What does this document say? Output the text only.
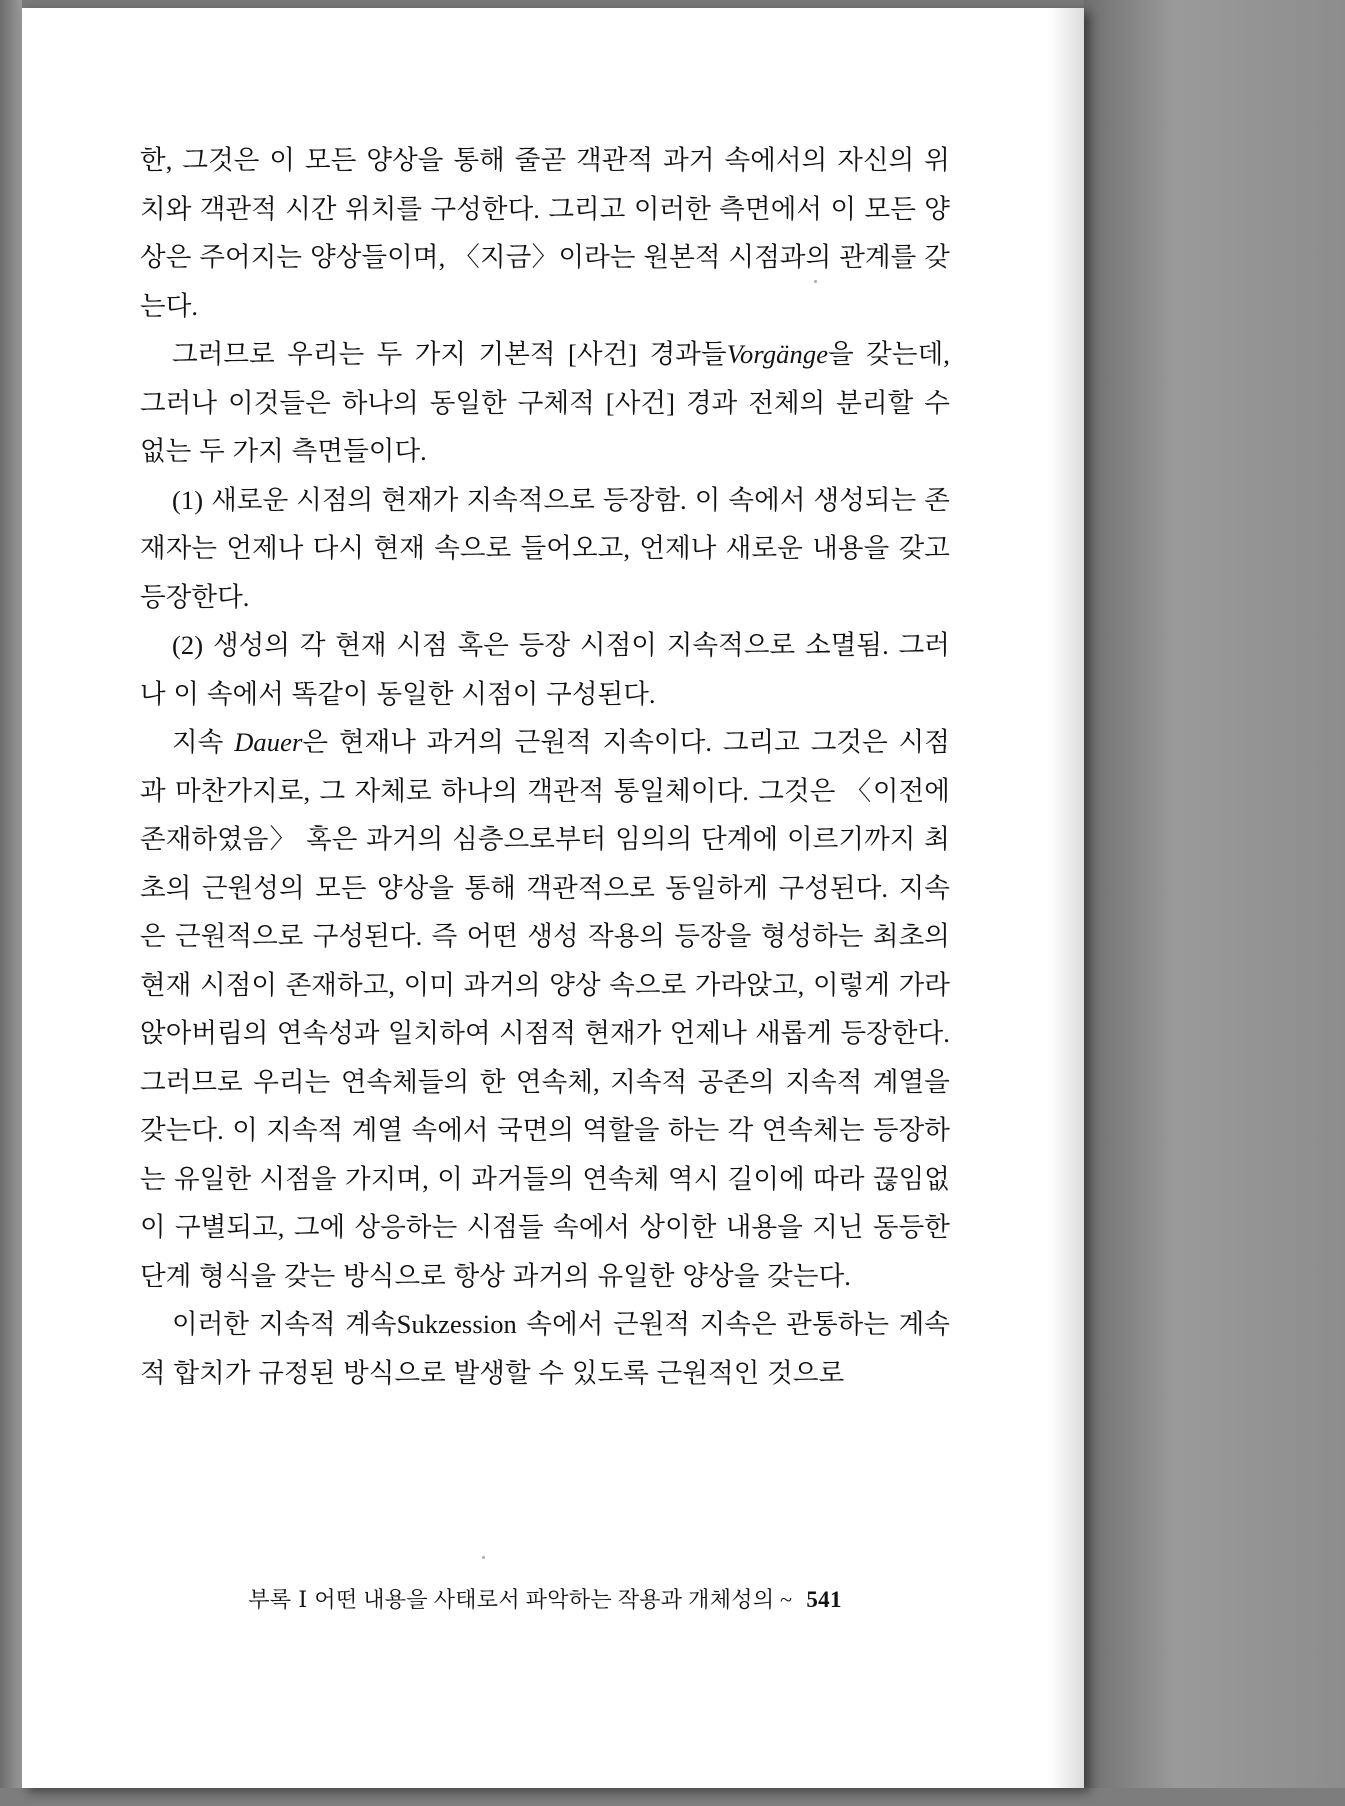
한, 그것은 이 모든 양상을 통해 줄곧 객관적 과거 속에서의 자신의 위치와 객관적 시간 위치를 구성한다. 그리고 이러한 측면에서 이 모든 양상은 주어지는 양상들이며, 〈지금〉이라는 원본적 시점과의 관계를 갖는다.

그러므로 우리는 두 가지 기본적 [사건] 경과들Vorgänge을 갖는데, 그러나 이것들은 하나의 동일한 구체적 [사건] 경과 전체의 분리할 수 없는 두 가지 측면들이다.

(1) 새로운 시점의 현재가 지속적으로 등장함. 이 속에서 생성되는 존재자는 언제나 다시 현재 속으로 들어오고, 언제나 새로운 내용을 갖고 등장한다.

(2) 생성의 각 현재 시점 혹은 등장 시점이 지속적으로 소멸됨. 그러나 이 속에서 똑같이 동일한 시점이 구성된다.

지속 Dauer은 현재나 과거의 근원적 지속이다. 그리고 그것은 시점과 마찬가지로, 그 자체로 하나의 객관적 통일체이다. 그것은 〈이전에 존재하였음〉 혹은 과거의 심층으로부터 임의의 단계에 이르기까지 최초의 근원성의 모든 양상을 통해 객관적으로 동일하게 구성된다. 지속은 근원적으로 구성된다. 즉 어떤 생성 작용의 등장을 형성하는 최초의 현재 시점이 존재하고, 이미 과거의 양상 속으로 가라앉고, 이렇게 가라앉아버림의 연속성과 일치하여 시점적 현재가 언제나 새롭게 등장한다. 그러므로 우리는 연속체들의 한 연속체, 지속적 공존의 지속적 계열을 갖는다. 이 지속적 계열 속에서 국면의 역할을 하는 각 연속체는 등장하는 유일한 시점을 가지며, 이 과거들의 연속체 역시 길이에 따라 끊임없이 구별되고, 그에 상응하는 시점들 속에서 상이한 내용을 지닌 동등한 단계 형식을 갖는 방식으로 항상 과거의 유일한 양상을 갖는다.

이러한 지속적 계속Sukzession 속에서 근원적 지속은 관통하는 계속적 합치가 규정된 방식으로 발생할 수 있도록 근원적인 것으로

부록 Ⅰ 어떤 내용을 사태로서 파악하는 작용과 개체성의 ~ 541
